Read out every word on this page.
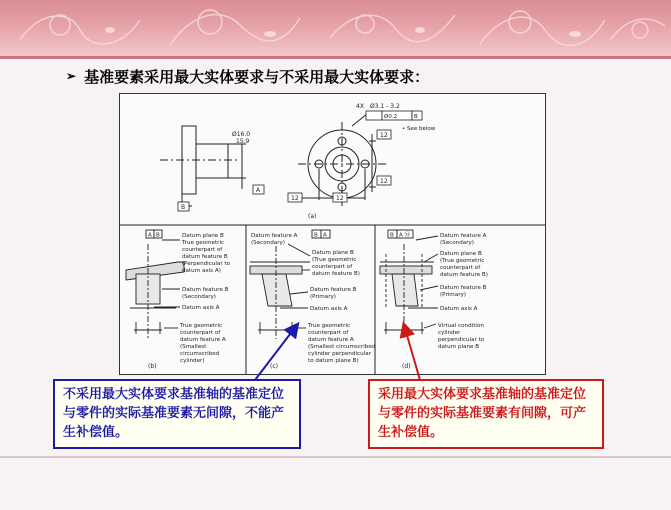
➢ 基准要素采用最大实体要求与不采用最大实体要求：
4X Ø3.1 - 3.2
Ø0.2	B
• See below
Ø16.0
15.9
A
B
12
12
12	12
(a)
A B	Datum plane B
True geometric
counterpart of
datum feature B
(Perpendicular to
datum axis A)
Datum feature B
(Secondary)
Datum axis A
True geometric
counterpart of
datum feature A
(Smallest
circumscribed
cylinder)
(b)
B A
Datum feature A
(Secondary)
Datum plane B
(True geometric
counterpart of
datum feature B)
Datum feature B
(Primary)
Datum axis A
True geometric
counterpart of
datum feature A
(Smallest circumscribed
cylinder perpendicular
to datum plane B)
(c)
B A Ⓜ	Datum feature A
(Secondary)
Datum plane B
(True geometric
counterpart of
datum feature B)
Datum feature B
(Primary)
Datum axis A
Virtual condition
cylinder
perpendicular to
datum plane B
(d)
不采用最大实体要求基准轴的基准定位与零件的实际基准要素无间隙，不能产生补偿值。
采用最大实体要求基准轴的基准定位与零件的实际基准要素有间隙，可产生补偿值。
